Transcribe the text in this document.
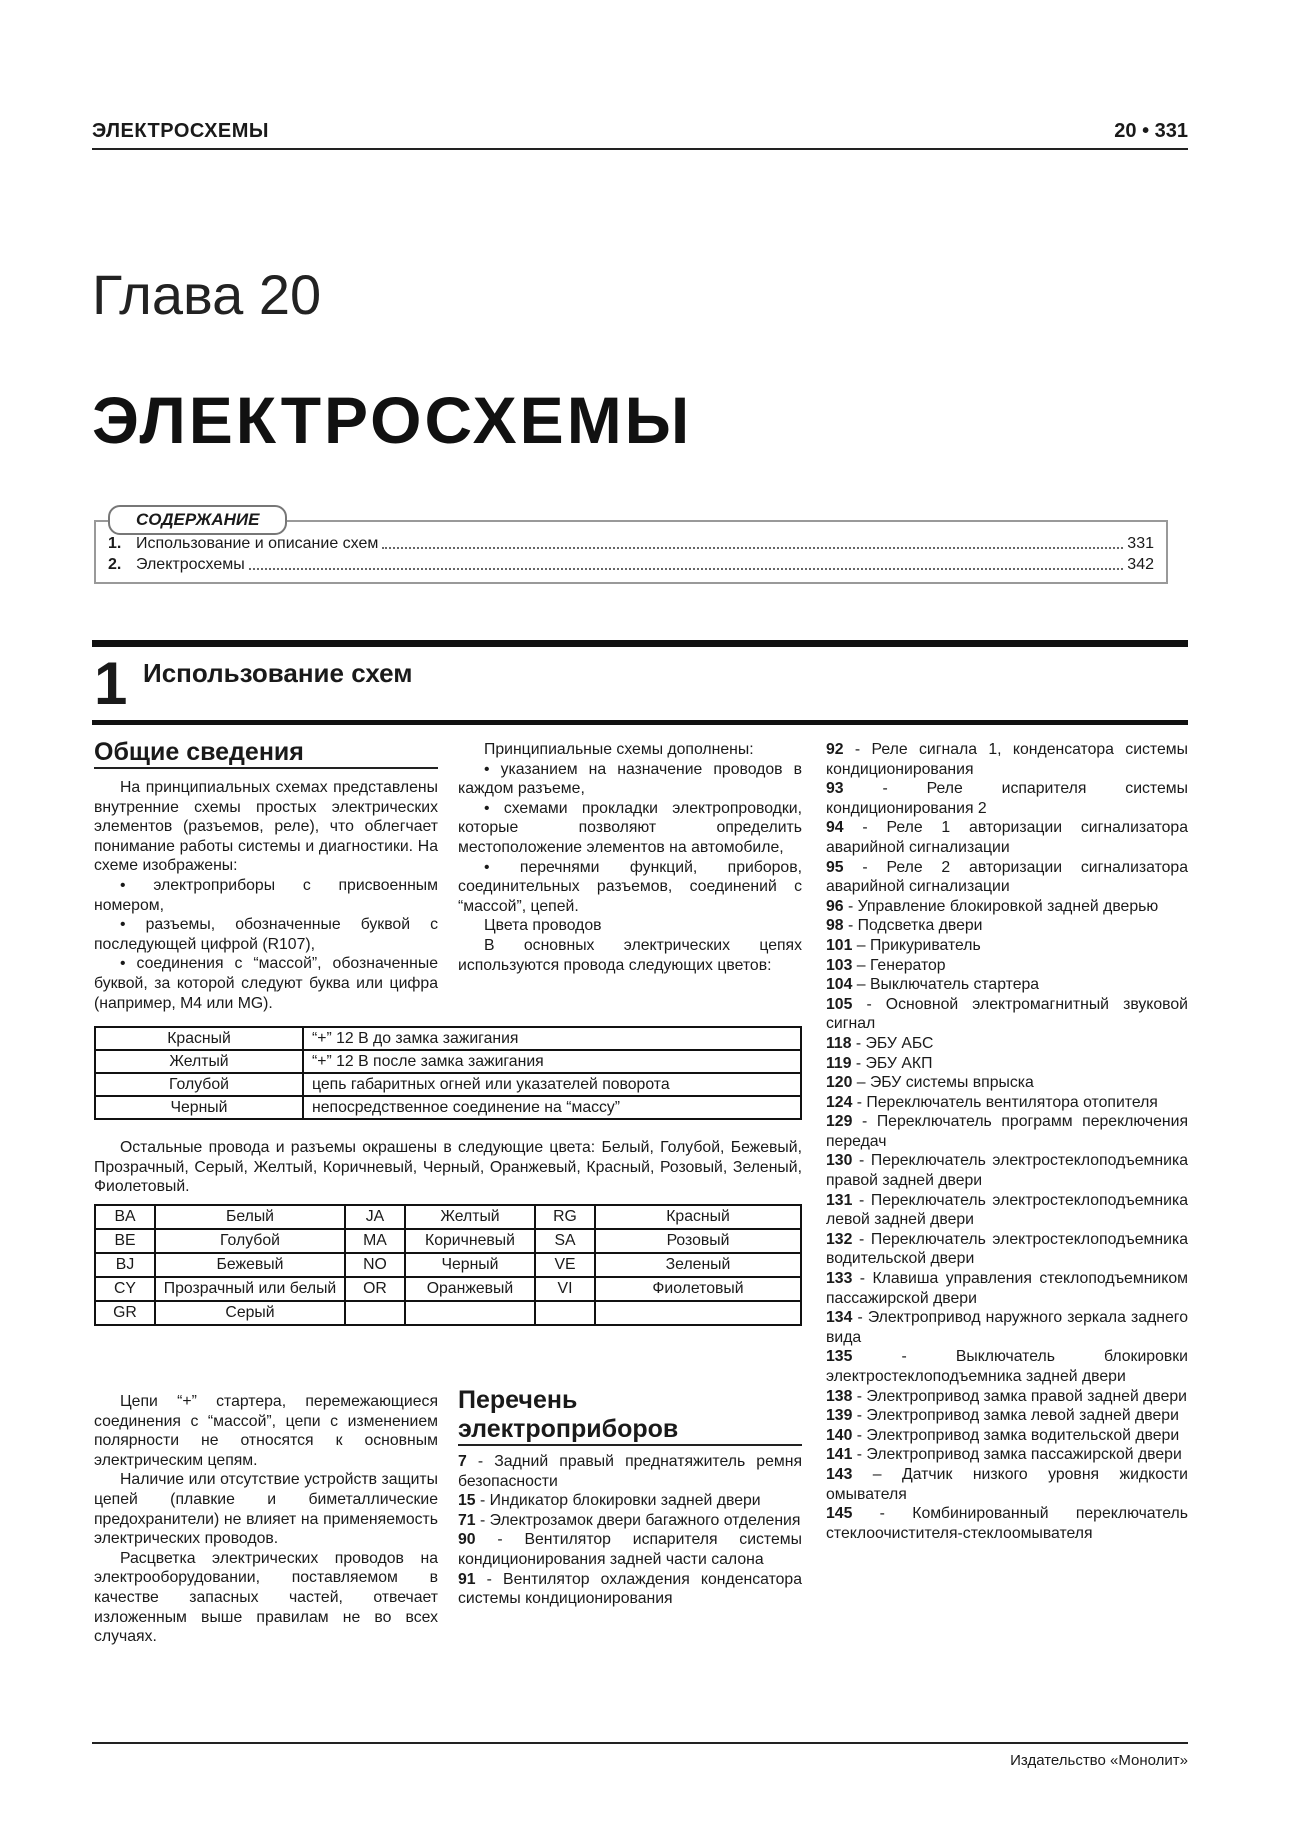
ЭЛЕКТРОСХЕМЫ	20 • 331
Глава 20
ЭЛЕКТРОСХЕМЫ
СОДЕРЖАНИЕ
1. Использование и описание схем	331
2. Электросхемы	342
1 Использование схем
Общие сведения

На принципиальных схемах представлены внутренние схемы простых электрических элементов (разъемов, реле), что облегчает понимание работы системы и диагностики. На схеме изображены:

• электроприборы с присвоенным номером,

• разъемы, обозначенные буквой с последующей цифрой (R107),

• соединения с “массой”, обозначенные буквой, за которой следуют буква или цифра (например, M4 или MG).

Принципиальные схемы дополнены:

• указанием на назначение проводов в каждом разъеме,

• схемами прокладки электропроводки, которые позволяют определить местоположение элементов на автомобиле,

• перечнями функций, приборов, соединительных разъемов, соединений с “массой”, цепей.

Цвета проводов

В основных электрических цепях используются провода следующих цветов:

Красный	“+” 12 В до замка зажигания
Желтый	“+” 12 В после замка зажигания
Голубой	цепь габаритных огней или указателей поворота
Черный	непосредственное соединение на “массу”

Остальные провода и разъемы окрашены в следующие цвета: Белый, Голубой, Бежевый, Прозрачный, Серый, Желтый, Коричневый, Черный, Оранжевый, Красный, Розовый, Зеленый, Фиолетовый.

BA	Белый	JA	Желтый	RG	Красный
BE	Голубой	MA	Коричневый	SA	Розовый
BJ	Бежевый	NO	Черный	VE	Зеленый
CY	Прозрачный или белый	OR	Оранжевый	VI	Фиолетовый
GR	Серый				

Цепи “+” стартера, перемежающиеся соединения с “массой”, цепи с изменением полярности не относятся к основным электрическим цепям.

Наличие или отсутствие устройств защиты цепей (плавкие и биметаллические предохранители) не влияет на применяемость электрических проводов.

Расцветка электрических проводов на электрооборудовании, поставляемом в качестве запасных частей, отвечает изложенным выше правилам не во всех случаях.

Перечень электроприборов
7 - Задний правый преднатяжитель ремня безопасности
15 - Индикатор блокировки задней двери
71 - Электрозамок двери багажного отделения
90 - Вентилятор испарителя системы кондиционирования задней части салона
91 - Вентилятор охлаждения конденсатора системы кондиционирования
92 - Реле сигнала 1, конденсатора системы кондиционирования
93 - Реле испарителя системы кондиционирования 2
94 - Реле 1 авторизации сигнализатора аварийной сигнализации
95 - Реле 2 авторизации сигнализатора аварийной сигнализации
96 - Управление блокировкой задней дверью
98 - Подсветка двери
101 – Прикуриватель
103 – Генератор
104 – Выключатель стартера
105 - Основной электромагнитный звуковой сигнал
118 - ЭБУ АБС
119 - ЭБУ АКП
120 – ЭБУ системы впрыска
124 - Переключатель вентилятора отопителя
129 - Переключатель программ переключения передач
130 - Переключатель электростеклоподъемника правой задней двери
131 - Переключатель электростеклоподъемника левой задней двери
132 - Переключатель электростеклоподъемника водительской двери
133 - Клавиша управления стеклоподъемником пассажирской двери
134 - Электропривод наружного зеркала заднего вида
135 - Выключатель блокировки электростеклоподъемника задней двери
138 - Электропривод замка правой задней двери
139 - Электропривод замка левой задней двери
140 - Электропривод замка водительской двери
141 - Электропривод замка пассажирской двери
143 – Датчик низкого уровня жидкости омывателя
145 - Комбинированный переключатель стеклоочистителя-стеклоомывателя
Издательство «Монолит»
